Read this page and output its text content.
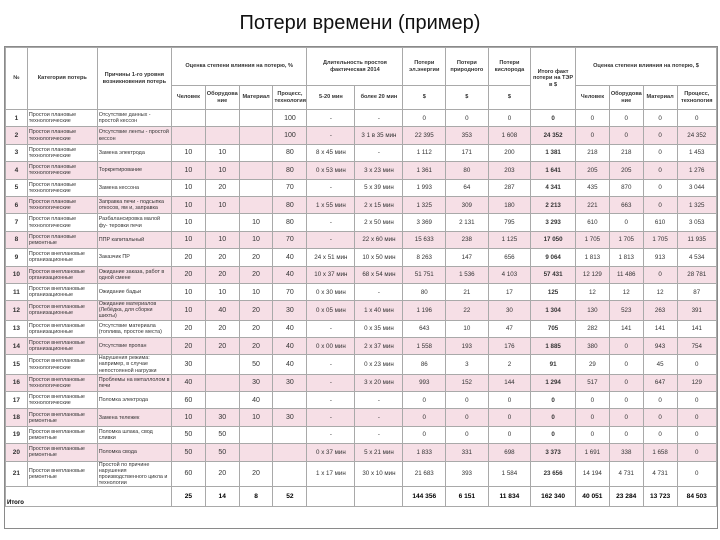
Потери времени (пример)
№	Категория потерь	Причины 1-го уровня возникновения потерь	Оценка степени влияния на потерю, %				Длительность простоя фактическая 2014		Потери эл.энергии	Потери природного	Потери кислорода	Итого факт потери на ТЭР в $	Оценка степени влияния на потерю, $			
			Человек	Оборудова ние	Материал	Процесс, технология	5-20 мин	более 20 мин	$	$	$		Человек	Оборудова ние	Материал	Процесс, технология
1	Простои плановые технологические	Отсутствие данных - простой кессон				100	-	-	0	0	0	0	0	0	0	0
2	Простои плановые технологические	Отсутствие ленты - простой кессон				100	-	3 1 в 35 мин	22 395	353	1 608	24 352	0	0	0	24 352
3	Простои плановые технологические	Замена электрода	10	10		80	8 х 45 мин	-	1 112	171	200	1 381	218	218	0	1 453
4	Простои плановые технологические	Торкретирование	10	10		80	0 х 53 мин	3 х 23 мин	1 361	80	203	1 641	205	205	0	1 276
5	Простои плановые технологические	Замена кессона	10	20		70	-	5 х 39 мин	1 993	64	287	4 341	435	870	0	3 044
6	Простои плановые технологические	Заправка печи - подсыпка откосов, ям и, заправка	10	10		80	1 х 55 мин	2 х 15 мин	1 325	309	180	2 213	221	663	0	1 325
7	Простои плановые технологические	Разбалансировка малой фу- теровки печи	10		10	80	-	2 х 50 мин	3 369	2 131	795	3 293	610	0	610	3 053
8	Простои плановые ремонтные	ППР капитальный	10	10	10	70	-	22 х 60 мин	15 633	238	1 125	17 050	1 705	1 705	1 705	11 935
9	Простои внеплановые организационные	Заказчик ПР	20	20	20	40	24 х 51 мин	10 х 50 мин	8 263	147	656	9 064	1 813	1 813	913	4 534
10	Простои внеплановые организационные	Ожидание заказа, работ в одной смене	20	20	20	40	10 х 37 мин	68 х 54 мин	51 751	1 536	4 103	57 431	12 129	11 486	0	28 781
11	Простои внеплановые организационные	Ожидание бадьи	10	10	10	70	0 х 30 мин	-	80	21	17	125	12	12	12	87
12	Простои внеплановые организационные	Ожидание материалов (Лебёдка, для сборки шихты)	10	40	20	30	0 х 05 мин	1 х 40 мин	1 196	22	30	1 304	130	523	263	391
13	Простои внеплановые организационные	Отсутствие материала (топлива, простое места)	20	20	20	40	-	0 х 35 мин	643	10	47	705	282	141	141	141
14	Простои внеплановые организационные	Отсутствие пропан	20	20	20	40	0 х 00 мин	2 х 37 мин	1 558	193	176	1 885	380	0	943	754
15	Простои внеплановые технологические	Нарушения режима: например, в случае непостоянной нагрузки	30		50	40	-	0 х 23 мин	86	3	2	91	29	0	45	0
16	Простои внеплановые технологические	Проблемы на металлолом в печи	40		30	30	-	3 х 20 мин	993	152	144	1 294	517	0	647	129
17	Простои внеплановые технологические	Поломка электрода	60		40		-	-	0	0	0	0	0	0	0	0
18	Простои внеплановые ремонтные	Замена тележек	10	30	10	30	-	-	0	0	0	0	0	0	0	0
19	Простои внеплановые ремонтные	Поломка шлака, свод сливки	50	50			-	-	0	0	0	0	0	0	0	0
20	Простои внеплановые ремонтные	Поломка свода	50	50			0 х 37 мин	5 х 21 мин	1 833	331	698	3 373	1 691	338	1 658	0
21	Простои внеплановые ремонтные	Простой по причине нарушения производственного цикла и технологии	60	20	20		1 х 17 мин	30 х 10 мин	21 683	393	1 584	23 656	14 194	4 731	4 731	0
Итого			25	14	8	52			144 356	6 151	11 834	162 340	40 051	23 284	13 723	84 503
